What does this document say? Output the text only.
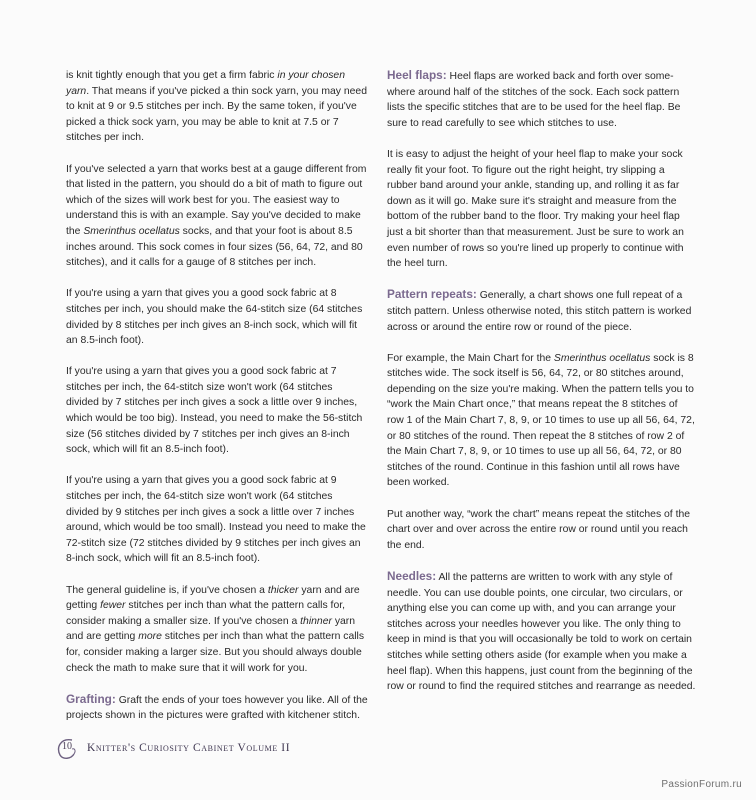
is knit tightly enough that you get a firm fabric in your chosen yarn. That means if you've picked a thin sock yarn, you may need to knit at 9 or 9.5 stitches per inch. By the same token, if you've picked a thick sock yarn, you may be able to knit at 7.5 or 7 stitches per inch.

If you've selected a yarn that works best at a gauge different from that listed in the pattern, you should do a bit of math to figure out which of the sizes will work best for you. The easiest way to understand this is with an example. Say you've decided to make the Smerinthus ocellatus socks, and that your foot is about 8.5 inches around. This sock comes in four sizes (56, 64, 72, and 80 stitches), and it calls for a gauge of 8 stitches per inch.

If you're using a yarn that gives you a good sock fabric at 8 stitches per inch, you should make the 64-stitch size (64 stitches divided by 8 stitches per inch gives an 8-inch sock, which will fit an 8.5-inch foot).

If you're using a yarn that gives you a good sock fabric at 7 stitches per inch, the 64-stitch size won't work (64 stitches divided by 7 stitches per inch gives a sock a little over 9 inches, which would be too big). Instead, you need to make the 56-stitch size (56 stitches divided by 7 stitches per inch gives an 8-inch sock, which will fit an 8.5-inch foot).

If you're using a yarn that gives you a good sock fabric at 9 stitches per inch, the 64-stitch size won't work (64 stitches divided by 9 stitches per inch gives a sock a little over 7 inches around, which would be too small). Instead you need to make the 72-stitch size (72 stitches divided by 9 stitches per inch gives an 8-inch sock, which will fit an 8.5-inch foot).

The general guideline is, if you've chosen a thicker yarn and are getting fewer stitches per inch than what the pattern calls for, consider making a smaller size. If you've chosen a thinner yarn and are getting more stitches per inch than what the pattern calls for, consider making a larger size. But you should always double check the math to make sure that it will work for you.

Grafting: Graft the ends of your toes however you like. All of the projects shown in the pictures were grafted with kitchener stitch.

Heel flaps: Heel flaps are worked back and forth over some- where around half of the stitches of the sock. Each sock pattern lists the specific stitches that are to be used for the heel flap. Be sure to read carefully to see which stitches to use.

It is easy to adjust the height of your heel flap to make your sock really fit your foot. To figure out the right height, try slipping a rubber band around your ankle, standing up, and rolling it as far down as it will go. Make sure it's straight and measure from the bottom of the rubber band to the floor. Try making your heel flap just a bit shorter than that measurement. Just be sure to work an even number of rows so you're lined up properly to continue with the heel turn.

Pattern repeats: Generally, a chart shows one full repeat of a stitch pattern. Unless otherwise noted, this stitch pattern is worked across or around the entire row or round of the piece.

For example, the Main Chart for the Smerinthus ocellatus sock is 8 stitches wide. The sock itself is 56, 64, 72, or 80 stitches around, depending on the size you're making. When the pattern tells you to “work the Main Chart once,” that means repeat the 8 stitches of row 1 of the Main Chart 7, 8, 9, or 10 times to use up all 56, 64, 72, or 80 stitches of the round. Then repeat the 8 stitches of row 2 of the Main Chart 7, 8, 9, or 10 times to use up all 56, 64, 72, or 80 stitches of the round. Continue in this fashion until all rows have been worked.

Put another way, “work the chart” means repeat the stitches of the chart over and over across the entire row or round until you reach the end.

Needles: All the patterns are written to work with any style of needle. You can use double points, one circular, two circulars, or anything else you can come up with, and you can arrange your stitches across your needles however you like. The only thing to keep in mind is that you will occasionally be told to work on certain stitches while setting others aside (for example when you make a heel flap). When this happens, just count from the beginning of the row or round to find the required stitches and rearrange as needed.

10 Knitter's Curiosity Cabinet Volume II
PassionForum.ru
